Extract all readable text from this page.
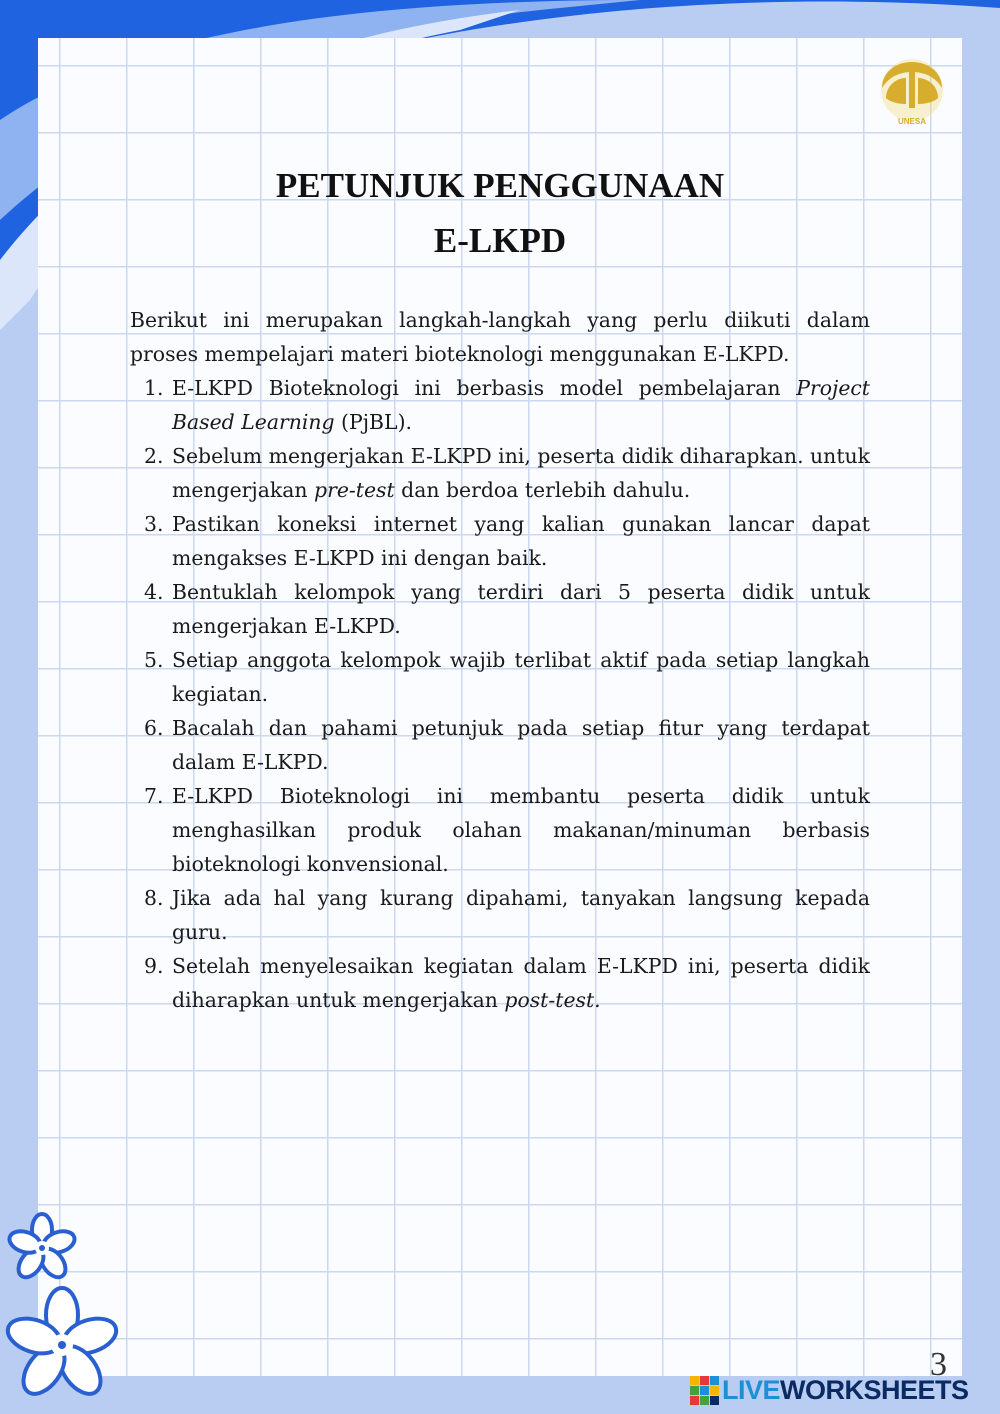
UNESA
PETUNJUK PENGGUNAAN
E-LKPD

Berikut ini merupakan langkah-langkah yang perlu diikuti dalam proses mempelajari materi bioteknologi menggunakan E-LKPD.

1. E-LKPD Bioteknologi ini berbasis model pembelajaran Project Based Learning (PjBL).
2. Sebelum mengerjakan E-LKPD ini, peserta didik diharapkan. untuk mengerjakan pre-test dan berdoa terlebih dahulu.
3. Pastikan koneksi internet yang kalian gunakan lancar dapat mengakses E-LKPD ini dengan baik.
4. Bentuklah kelompok yang terdiri dari 5 peserta didik untuk mengerjakan E-LKPD.
5. Setiap anggota kelompok wajib terlibat aktif pada setiap langkah kegiatan.
6. Bacalah dan pahami petunjuk pada setiap fitur yang terdapat dalam E-LKPD.
7. E-LKPD Bioteknologi ini membantu peserta didik untuk menghasilkan produk olahan makanan/minuman berbasis bioteknologi konvensional.
8. Jika ada hal yang kurang dipahami, tanyakan langsung kepada guru.
9. Setelah menyelesaikan kegiatan dalam E-LKPD ini, peserta didik diharapkan untuk mengerjakan post-test.
3
LIVEWORKSHEETS
